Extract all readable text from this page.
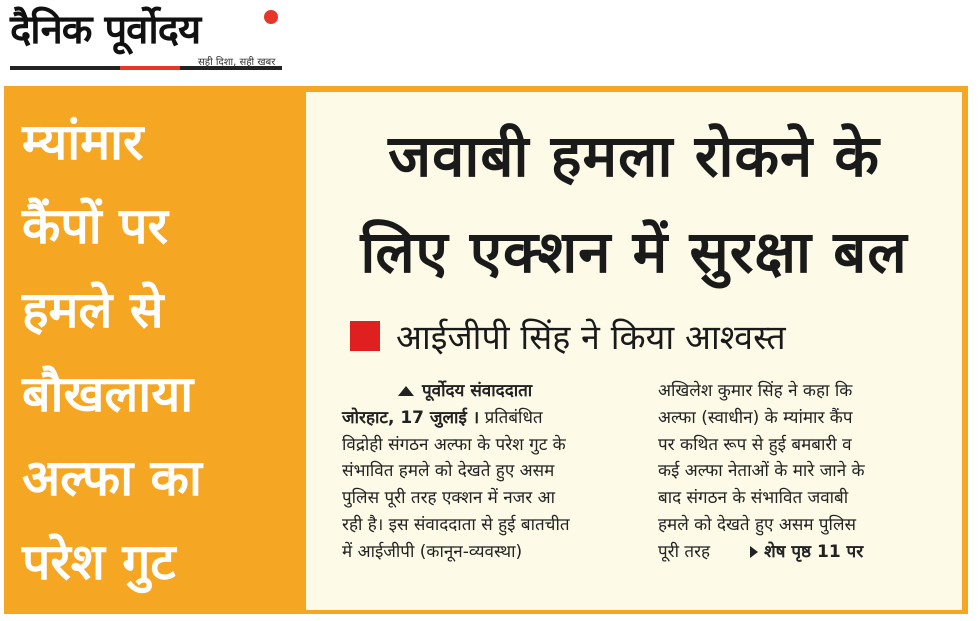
दैनिक पूर्वोदय
सही दिशा, सही खबर
म्यांमार
कैंपों पर
हमले से
बौखलाया
अल्फा का
परेश गुट
जवाबी हमला रोकने के
लिए एक्शन में सुरक्षा बल
आईजीपी सिंह ने किया आश्वस्त
पूर्वोदय संवाददाता
जोरहाट, 17 जुलाई । प्रतिबंधित
विद्रोही संगठन अल्फा के परेश गुट के
संभावित हमले को देखते हुए असम
पुलिस पूरी तरह एक्शन में नजर आ
रही है। इस संवाददाता से हुई बातचीत
में आईजीपी (कानून-व्यवस्था)
अखिलेश कुमार सिंह ने कहा कि
अल्फा (स्वाधीन) के म्यांमार कैंप
पर कथित रूप से हुई बमबारी व
कई अल्फा नेताओं के मारे जाने के
बाद संगठन के संभावित जवाबी
हमले को देखते हुए असम पुलिस
पूरी तरह	शेष पृष्ठ 11 पर
